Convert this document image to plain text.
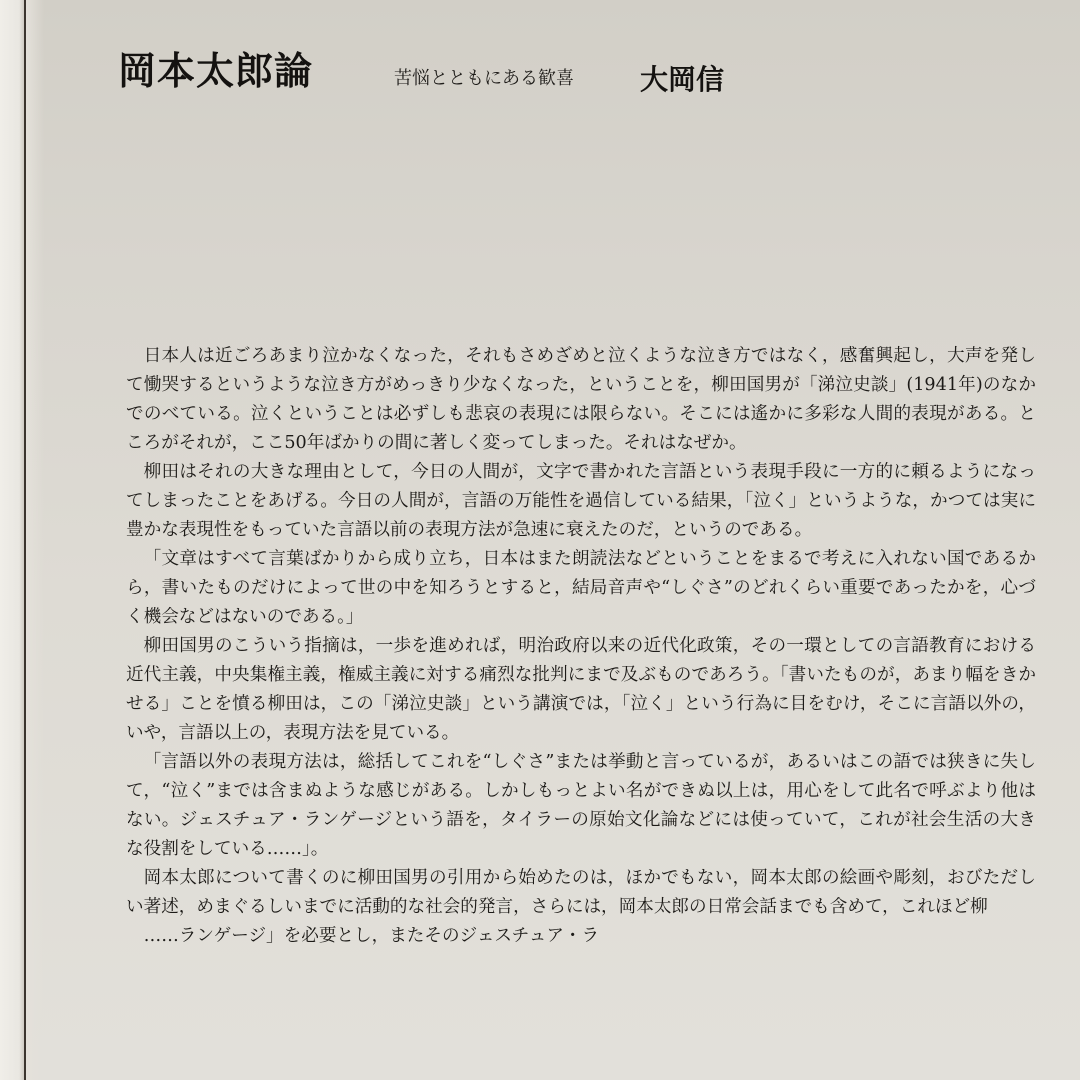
岡本太郎論	苦悩とともにある歓喜 大岡信

日本人は近ごろあまり泣かなくなった，それもさめざめと泣くような泣き方ではなく，感奮興起し，大声を発して慟哭するというような泣き方がめっきり少なくなった，ということを，柳田国男が「涕泣史談」(1941年)のなかでのべている。泣くということは必ずしも悲哀の表現には限らない。そこには遙かに多彩な人間的表現がある。ところがそれが，ここ50年ばかりの間に著しく変ってしまった。それはなぜか。

柳田はそれの大きな理由として，今日の人間が，文字で書かれた言語という表現手段に一方的に頼るようになってしまったことをあげる。今日の人間が，言語の万能性を過信している結果，「泣く」というような，かつては実に豊かな表現性をもっていた言語以前の表現方法が急速に衰えたのだ，というのである。

「文章はすべて言葉ばかりから成り立ち，日本はまた朗読法などということをまるで考えに入れない国であるから，書いたものだけによって世の中を知ろうとすると，結局音声や“しぐさ”のどれくらい重要であったかを，心づく機会などはないのである。」

柳田国男のこういう指摘は，一歩を進めれば，明治政府以来の近代化政策，その一環としての言語教育における近代主義，中央集権主義，権威主義に対する痛烈な批判にまで及ぶものであろう。「書いたものが，あまり幅をきかせる」ことを憤る柳田は，この「涕泣史談」という講演では，「泣く」という行為に目をむけ，そこに言語以外の，いや，言語以上の，表現方法を見ている。

「言語以外の表現方法は，総括してこれを“しぐさ”または挙動と言っているが，あるいはこの語では狭きに失して，“泣く”までは含まぬような感じがある。しかしもっとよい名ができぬ以上は，用心をして此名で呼ぶより他はない。ジェスチュア・ランゲージという語を，タイラーの原始文化論などには使っていて，これが社会生活の大きな役割をしている……」。

岡本太郎について書くのに柳田国男の引用から始めたのは，ほかでもない，岡本太郎の絵画や彫刻，おびただしい著述，めまぐるしいまでに活動的な社会的発言，さらには，岡本太郎の日常会話までも含めて，これほど柳

……ランゲージ」を必要とし，またそのジェスチュア・ラ
